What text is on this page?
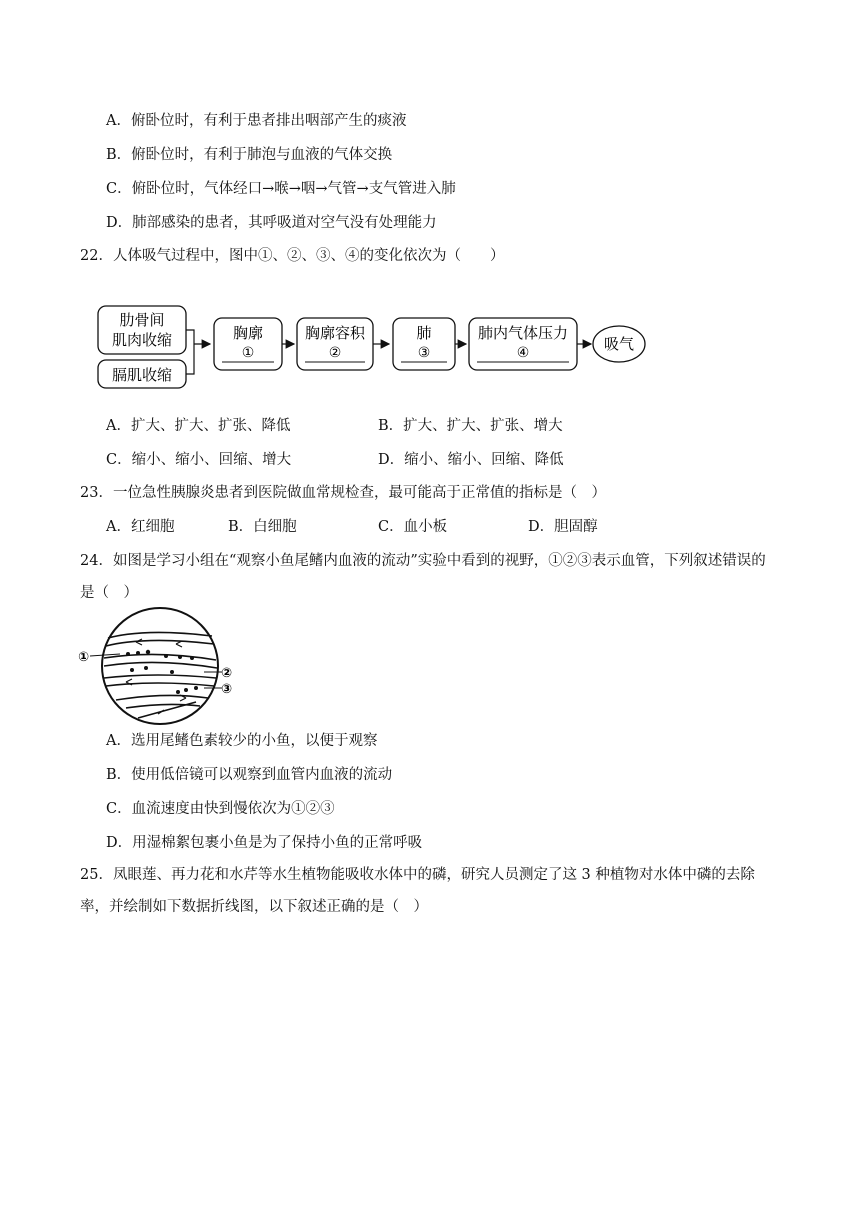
A．俯卧位时，有利于患者排出咽部产生的痰液
B．俯卧位时，有利于肺泡与血液的气体交换
C．俯卧位时，气体经口→喉→咽→气管→支气管进入肺
D．肺部感染的患者，其呼吸道对空气没有处理能力
22．人体吸气过程中，图中①、②、③、④的变化依次为（　　）
肋骨间
肌肉收缩
膈肌收缩
胸廓
①
胸廓容积
②
肺
③
肺内气体压力
④	吸气
A．扩大、扩大、扩张、降低	B．扩大、扩大、扩张、增大
C．缩小、缩小、回缩、增大	D．缩小、缩小、回缩、降低
23．一位急性胰腺炎患者到医院做血常规检查，最可能高于正常值的指标是（　）
A．红细胞	B．白细胞	C．血小板	D．胆固醇
24．如图是学习小组在“观察小鱼尾鳍内血液的流动”实验中看到的视野，①②③表示血管，下列叙述错误的
是（　）
①
②
③
A．选用尾鳍色素较少的小鱼，以便于观察
B．使用低倍镜可以观察到血管内血液的流动
C．血流速度由快到慢依次为①②③
D．用湿棉絮包裹小鱼是为了保持小鱼的正常呼吸
25．凤眼莲、再力花和水芹等水生植物能吸收水体中的磷，研究人员测定了这 3 种植物对水体中磷的去除
率，并绘制如下数据折线图，以下叙述正确的是（　）
